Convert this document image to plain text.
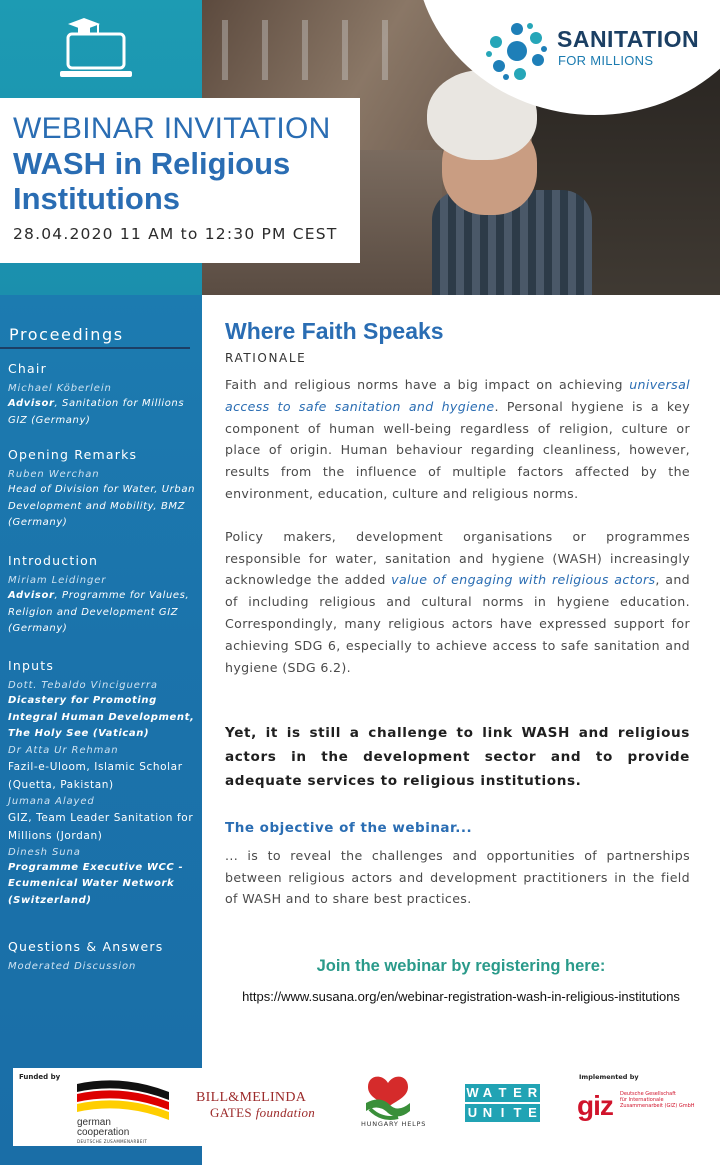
SANITATION
FOR MILLIONS
WEBINAR INVITATION
WASH in Religious Institutions
28.04.2020 11 AM to 12:30 PM CEST
Proceedings
Chair
Michael Köberlein
Advisor, Sanitation for Millions GIZ (Germany)
Opening Remarks
Ruben Werchan
Head of Division for Water, Urban Development and Mobility, BMZ (Germany)
Introduction
Miriam Leidinger
Advisor, Programme for Values, Religion and Development GIZ (Germany)
Inputs
Dott. Tebaldo Vinciguerra
Dicastery for Promoting Integral Human Development, The Holy See (Vatican)
Dr Atta Ur Rehman
Fazil-e-Uloom, Islamic Scholar (Quetta, Pakistan)
Jumana Alayed
GIZ, Team Leader Sanitation for Millions (Jordan)
Dinesh Suna
Programme Executive WCC - Ecumenical Water Network (Switzerland)
Questions & Answers
Moderated Discussion
Where Faith Speaks
RATIONALE

Faith and religious norms have a big impact on achieving universal access to safe sanitation and hygiene. Personal hygiene is a key component of human well-being regardless of religion, culture or place of origin. Human behaviour regarding cleanliness, however, results from the influence of multiple factors affected by the environment, education, culture and religious norms.

Policy makers, development organisations or programmes responsible for water, sanitation and hygiene (WASH) increasingly acknowledge the added value of engaging with religious actors, and of including religious and cultural norms in hygiene education. Correspondingly, many religious actors have expressed support for achieving SDG 6, especially to achieve access to safe sanitation and hygiene (SDG 6.2).

Yet, it is still a challenge to link WASH and religious actors in the development sector and to provide adequate services to religious institutions.
The objective of the webinar...
... is to reveal the challenges and opportunities of partnerships between religious actors and development practitioners in the field of WASH and to share best practices.
Join the webinar by registering here:
https://www.susana.org/en/webinar-registration-wash-in-religious-institutions
Funded by
german
cooperation
DEUTSCHE ZUSAMMENARBEIT
BILL&MELINDA
GATES foundation
HUNGARY HELPS
W A T E R
U N I T E
Implemented by
giz Deutsche Gesellschaft
für Internationale
Zusammenarbeit (GIZ) GmbH
